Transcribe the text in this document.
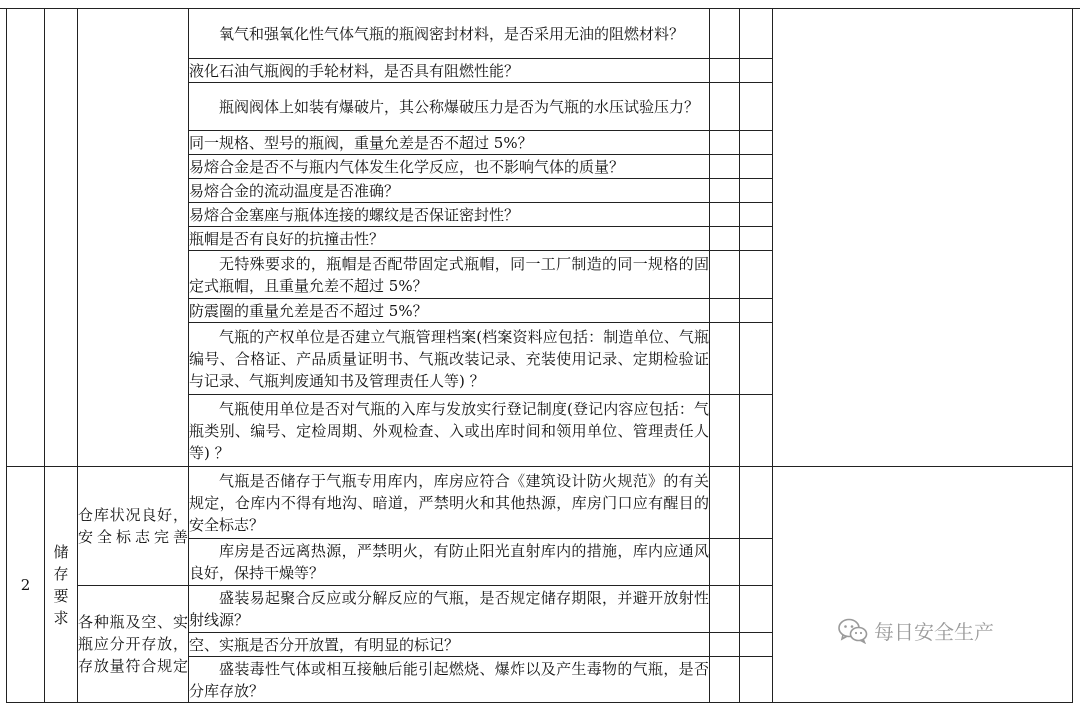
			氧气和强氧化性气体气瓶的瓶阀密封材料，是否采用无油的阻燃材料？			
			液化石油气瓶阀的手轮材料，是否具有阻燃性能？			
			瓶阀阀体上如装有爆破片，其公称爆破压力是否为气瓶的水压试验压力？			
			同一规格、型号的瓶阀，重量允差是否不超过 5%？			
			易熔合金是否不与瓶内气体发生化学反应，也不影响气体的质量？			
			易熔合金的流动温度是否准确？			
			易熔合金塞座与瓶体连接的螺纹是否保证密封性？			
			瓶帽是否有良好的抗撞击性？			
			无特殊要求的，瓶帽是否配带固定式瓶帽，同一工厂制造的同一规格的固定式瓶帽，且重量允差不超过 5%？			
			防震圈的重量允差是否不超过 5%？			
			气瓶的产权单位是否建立气瓶管理档案(档案资料应包括：制造单位、气瓶编号、合格证、产品质量证明书、气瓶改装记录、充装使用记录、定期检验证与记录、气瓶判废通知书及管理责任人等) ？			
			气瓶使用单位是否对气瓶的入库与发放实行登记制度(登记内容应包括：气瓶类别、编号、定检周期、外观检查、入或出库时间和领用单位、管理责任人等) ？			
2	储存要求	仓库状况良好，安全标志完善	气瓶是否储存于气瓶专用库内，库房应符合《建筑设计防火规范》的有关规定，仓库内不得有地沟、暗道，严禁明火和其他热源，库房门口应有醒目的安全标志？			
			库房是否远离热源，严禁明火，有防止阳光直射库内的措施，库内应通风良好，保持干燥等？			
		各种瓶及空、实瓶应分开存放，存放量符合规定	盛装易起聚合反应或分解反应的气瓶，是否规定储存期限，并避开放射性射线源？			
			空、实瓶是否分开放置，有明显的标记？			
			盛装毒性气体或相互接触后能引起燃烧、爆炸以及产生毒物的气瓶，是否分库存放？			
每日安全生产
